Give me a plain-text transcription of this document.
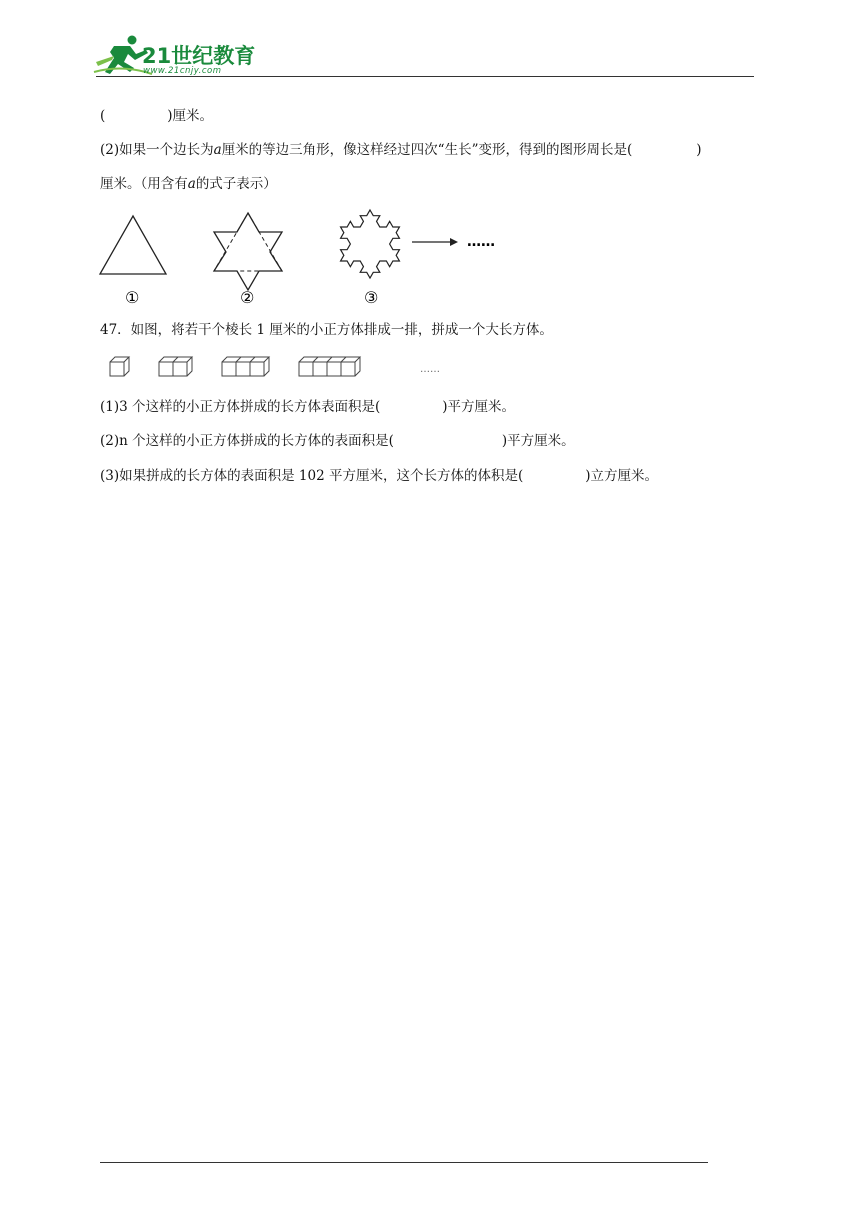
21世纪教育
www.21cnjy.com
(	)厘米。
(2)如果一个边长为a厘米的等边三角形，像这样经过四次“生长”变形，得到的图形周长是(	)
厘米。（用含有a的式子表示）
……
①	②	③
47．如图，将若干个棱长 1 厘米的小正方体排成一排，拼成一个大长方体。
……
(1)3 个这样的小正方体拼成的长方体表面积是(	)平方厘米。
(2)n 个这样的小正方体拼成的长方体的表面积是(	)平方厘米。
(3)如果拼成的长方体的表面积是 102 平方厘米，这个长方体的体积是(	)立方厘米。
